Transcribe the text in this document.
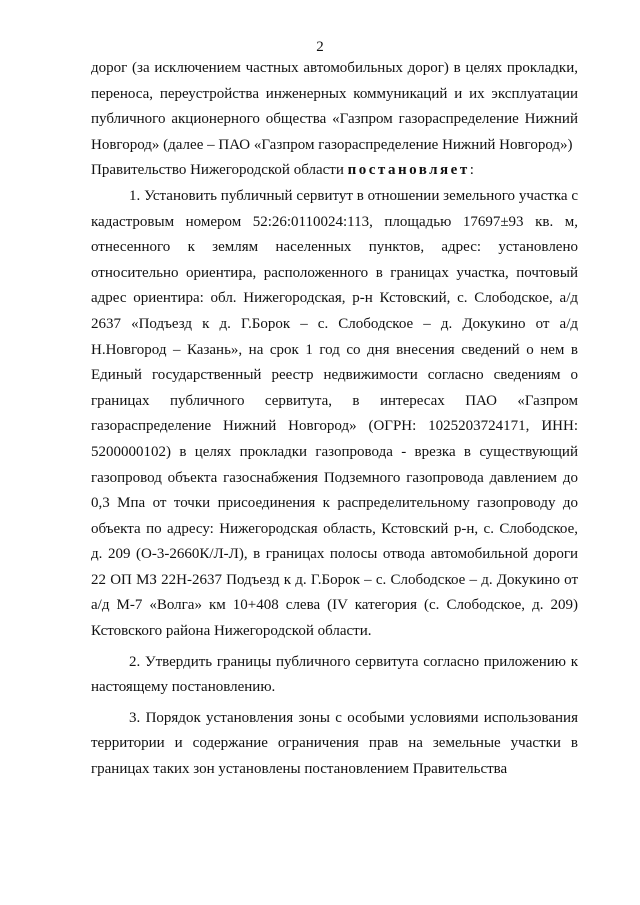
2

дорог (за исключением частных автомобильных дорог) в целях прокладки, переноса, переустройства инженерных коммуникаций и их эксплуатации публичного акционерного общества «Газпром газораспределение Нижний Новгород» (далее – ПАО «Газпром газораспределение Нижний Новгород»)

Правительство Нижегородской области постановляет:

1. Установить публичный сервитут в отношении земельного участка с кадастровым номером 52:26:0110024:113, площадью 17697±93 кв. м, отнесенного к землям населенных пунктов, адрес: установлено относительно ориентира, расположенного в границах участка, почтовый адрес ориентира: обл. Нижегородская, р-н Кстовский, с. Слободское, а/д 2637 «Подъезд к д. Г.Борок – с. Слободское – д. Докукино от а/д Н.Новгород – Казань», на срок 1 год со дня внесения сведений о нем в Единый государственный реестр недвижимости согласно сведениям о границах публичного сервитута, в интересах ПАО «Газпром газораспределение Нижний Новгород» (ОГРН: 1025203724171, ИНН: 5200000102) в целях прокладки газопровода - врезка в существующий газопровод объекта газоснабжения Подземного газопровода давлением до 0,3 Мпа от точки присоединения к распределительному газопроводу до объекта по адресу: Нижегородская область, Кстовский р-н, с. Слободское, д. 209 (О-3-2660К/Л-Л), в границах полосы отвода автомобильной дороги 22 ОП МЗ 22Н-2637 Подъезд к д. Г.Борок – с. Слободское – д. Докукино от а/д М-7 «Волга» км 10+408 слева (IV категория (с. Слободское, д. 209) Кстовского района Нижегородской области.

2. Утвердить границы публичного сервитута согласно приложению к настоящему постановлению.

3. Порядок установления зоны с особыми условиями использования территории и содержание ограничения прав на земельные участки в границах таких зон установлены постановлением Правительства
